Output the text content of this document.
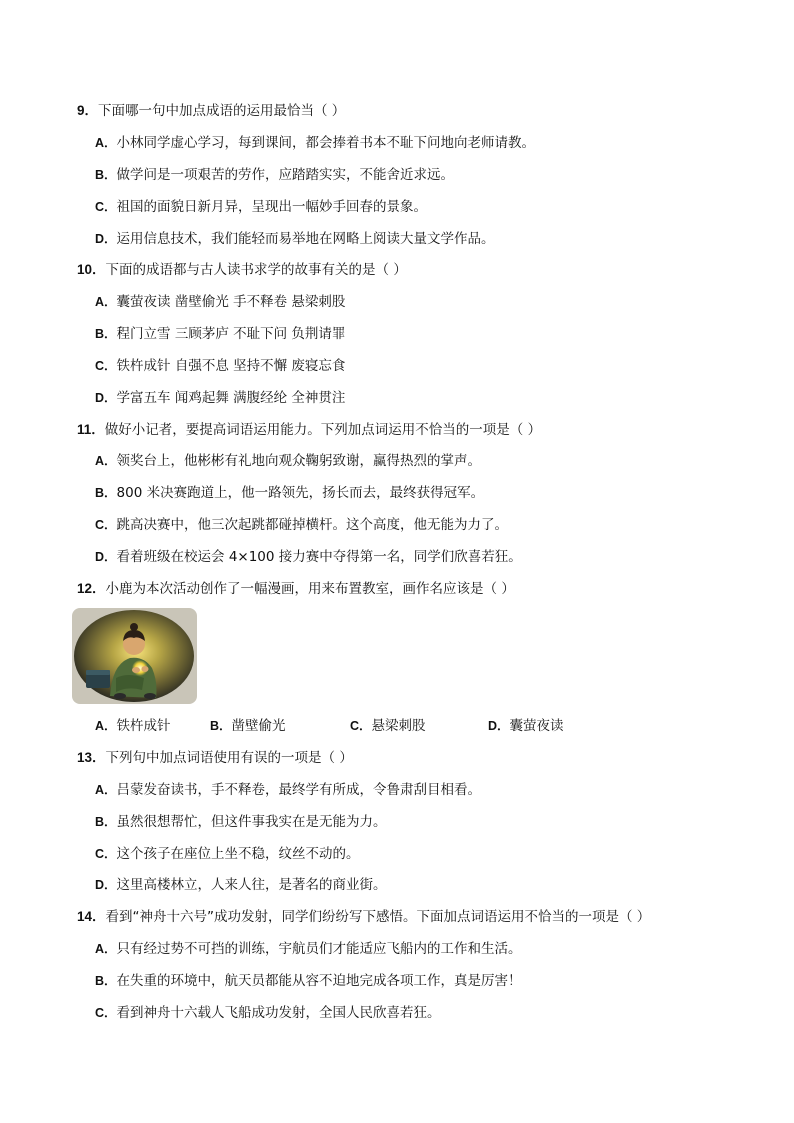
9．下面哪一句中加点成语的运用最恰当（ ）
A．小林同学虚心学习，每到课间，都会捧着书本不耻下问地向老师请教。
B．做学问是一项艰苦的劳作，应踏踏实实，不能舍近求远。
C．祖国的面貌日新月异，呈现出一幅妙手回春的景象。
D．运用信息技术，我们能轻而易举地在网略上阅读大量文学作品。
10．下面的成语都与古人读书求学的故事有关的是（ ）
A．囊萤夜读 凿壁偷光 手不释卷 悬梁刺股
B．程门立雪 三顾茅庐 不耻下问 负荆请罪
C．铁杵成针 自强不息 坚持不懈 废寝忘食
D．学富五车 闻鸡起舞 满腹经纶 全神贯注
11．做好小记者，要提高词语运用能力。下列加点词运用不恰当的一项是（ ）
A．领奖台上，他彬彬有礼地向观众鞠躬致谢，赢得热烈的掌声。
B．800 米决赛跑道上，他一路领先，扬长而去，最终获得冠军。
C．跳高决赛中，他三次起跳都碰掉横杆。这个高度，他无能为力了。
D．看着班级在校运会 4×100 接力赛中夺得第一名，同学们欣喜若狂。
12．小鹿为本次活动创作了一幅漫画，用来布置教室，画作名应该是（ ）
A．铁杵成针	B．凿壁偷光	C．悬梁刺股	D．囊萤夜读
13．下列句中加点词语使用有误的一项是（ ）
A．吕蒙发奋读书，手不释卷，最终学有所成，令鲁肃刮目相看。
B．虽然很想帮忙，但这件事我实在是无能为力。
C．这个孩子在座位上坐不稳，纹丝不动的。
D．这里高楼林立，人来人往，是著名的商业街。
14．看到“神舟十六号”成功发射，同学们纷纷写下感悟。下面加点词语运用不恰当的一项是（ ）
A．只有经过势不可挡的训练，宇航员们才能适应飞船内的工作和生活。
B．在失重的环境中，航天员都能从容不迫地完成各项工作，真是厉害！
C．看到神舟十六载人飞船成功发射，全国人民欣喜若狂。
